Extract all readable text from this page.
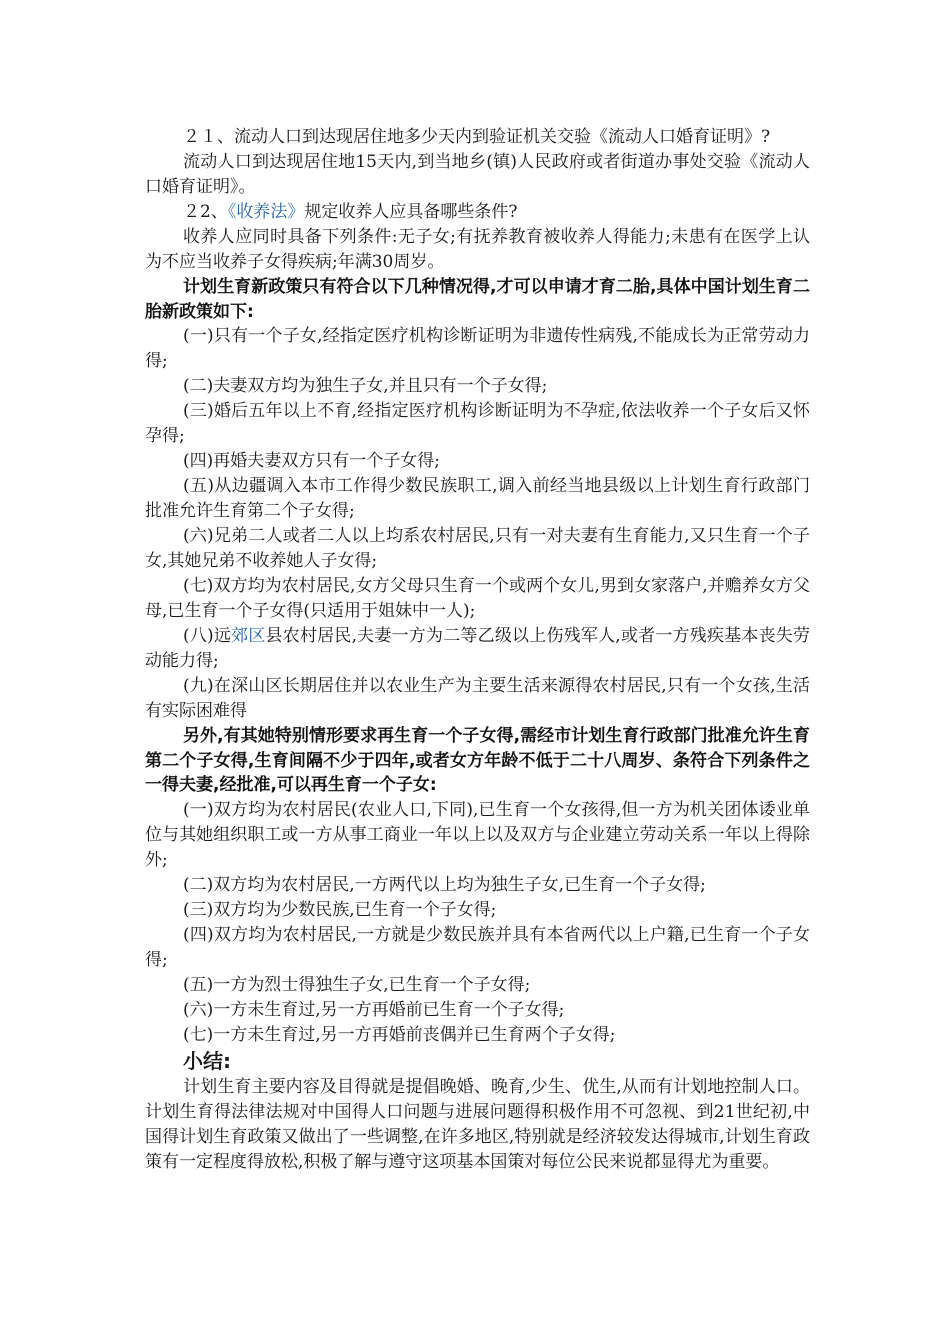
２１、流动人口到达现居住地多少天内到验证机关交验《流动人口婚育证明》?

流动人口到达现居住地15天内,到当地乡(镇)人民政府或者街道办事处交验《流动人口婚育证明》。

２2、《收养法》规定收养人应具备哪些条件?

收养人应同时具备下列条件:无子女;有抚养教育被收养人得能力;未患有在医学上认为不应当收养子女得疾病;年满30周岁。

计划生育新政策只有符合以下几种情况得,才可以申请才育二胎,具体中国计划生育二胎新政策如下:

(一)只有一个子女,经指定医疗机构诊断证明为非遗传性病残,不能成长为正常劳动力得;

(二)夫妻双方均为独生子女,并且只有一个子女得;

(三)婚后五年以上不育,经指定医疗机构诊断证明为不孕症,依法收养一个子女后又怀孕得;

(四)再婚夫妻双方只有一个子女得;

(五)从边疆调入本市工作得少数民族职工,调入前经当地县级以上计划生育行政部门批准允许生育第二个子女得;

(六)兄弟二人或者二人以上均系农村居民,只有一对夫妻有生育能力,又只生育一个子女,其她兄弟不收养她人子女得;

(七)双方均为农村居民,女方父母只生育一个或两个女儿,男到女家落户,并赡养女方父母,已生育一个子女得(只适用于姐妹中一人);

(八)远郊区县农村居民,夫妻一方为二等乙级以上伤残军人,或者一方残疾基本丧失劳动能力得;

(九)在深山区长期居住并以农业生产为主要生活来源得农村居民,只有一个女孩,生活有实际困难得

另外,有其她特别情形要求再生育一个子女得,需经市计划生育行政部门批准允许生育第二个子女得,生育间隔不少于四年,或者女方年龄不低于二十八周岁、条符合下列条件之一得夫妻,经批准,可以再生育一个子女:

(一)双方均为农村居民(农业人口,下同),已生育一个女孩得,但一方为机关团体诿业单位与其她组织职工或一方从事工商业一年以上以及双方与企业建立劳动关系一年以上得除外;

(二)双方均为农村居民,一方两代以上均为独生子女,已生育一个子女得;

(三)双方均为少数民族,已生育一个子女得;

(四)双方均为农村居民,一方就是少数民族并具有本省两代以上户籍,已生育一个子女得;

(五)一方为烈士得独生子女,已生育一个子女得;

(六)一方未生育过,另一方再婚前已生育一个子女得;

(七)一方未生育过,另一方再婚前丧偶并已生育两个子女得;

小结:

计划生育主要内容及目得就是提倡晚婚、晚育,少生、优生,从而有计划地控制人口。计划生育得法律法规对中国得人口问题与进展问题得积极作用不可忽视、到21世纪初,中国得计划生育政策又做出了一些调整,在许多地区,特别就是经济较发达得城市,计划生育政策有一定程度得放松,积极了解与遵守这项基本国策对每位公民来说都显得尤为重要。
